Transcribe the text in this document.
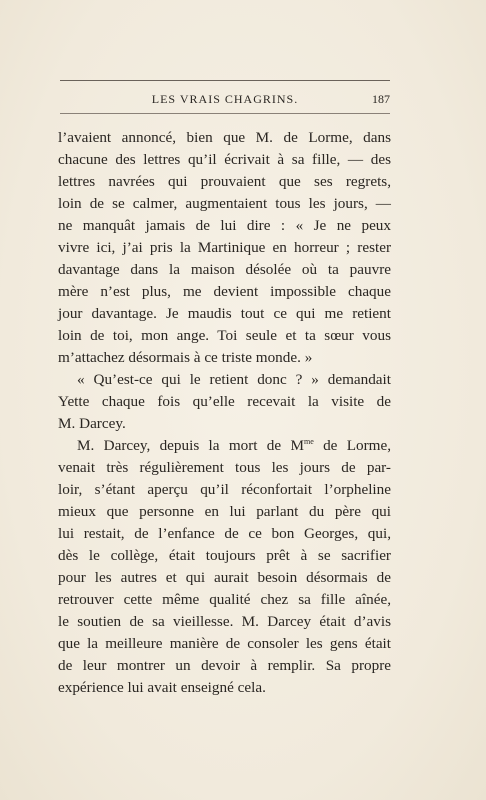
LES VRAIS CHAGRINS.	187
l’avaient annoncé, bien que M. de Lorme, dans
chacune des lettres qu’il écrivait à sa fille, — des
lettres navrées qui prouvaient que ses regrets,
loin de se calmer, augmentaient tous les jours, —
ne manquât jamais de lui dire : « Je ne peux
vivre ici, j’ai pris la Martinique en horreur ; rester
davantage dans la maison désolée où ta pauvre
mère n’est plus, me devient impossible chaque
jour davantage. Je maudis tout ce qui me retient
loin de toi, mon ange. Toi seule et ta sœur vous
m’attachez désormais à ce triste monde. »
« Qu’est-ce qui le retient donc ? » demandait
Yette chaque fois qu’elle recevait la visite de
M. Darcey.
M. Darcey, depuis la mort de $M^{me}$ de Lorme,
venait très régulièrement tous les jours de par-
loir, s’étant aperçu qu’il réconfortait l’orpheline
mieux que personne en lui parlant du père qui
lui restait, de l’enfance de ce bon Georges, qui,
dès le collège, était toujours prêt à se sacrifier
pour les autres et qui aurait besoin désormais de
retrouver cette même qualité chez sa fille aînée,
le soutien de sa vieillesse. M. Darcey était d’avis
que la meilleure manière de consoler les gens était
de leur montrer un devoir à remplir. Sa propre
expérience lui avait enseigné cela.
